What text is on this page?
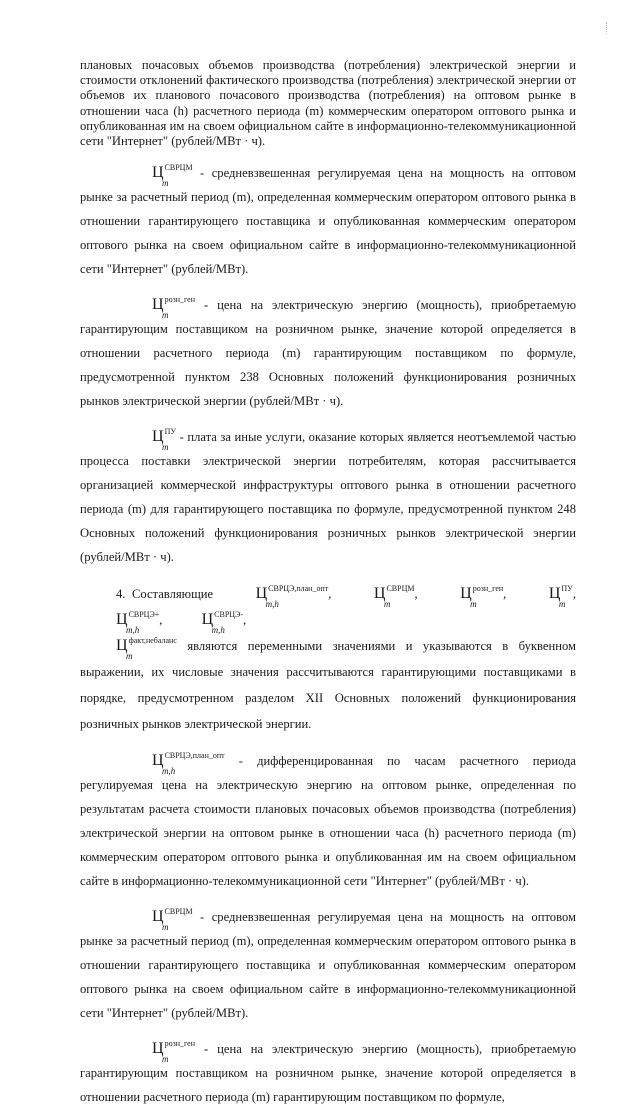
плановых почасовых объемов производства (потребления) электрической энергии и стоимости отклонений фактического производства (потребления) электрической энергии от объемов их планового почасового производства (потребления) на оптовом рынке в отношении часа (h) расчетного периода (m) коммерческим оператором оптового рынка и опубликованная им на своем официальном сайте в информационно-телекоммуникационной сети "Интернет" (рублей/МВт · ч).

$Ц^{СВРЦМ}$
m
- средневзвешенная регулируемая цена на мощность на оптовом рынке за расчетный период (m), определенная коммерческим оператором оптового рынка в отношении гарантирующего поставщика и опубликованная коммерческим оператором оптового рынка на своем официальном сайте в информационно-телекоммуникационной сети "Интернет" (рублей/МВт).

$Ц^{розн\_ген}$
m
- цена на электрическую энергию (мощность), приобретаемую гарантирующим поставщиком на розничном рынке, значение которой определяется в отношении расчетного периода (m) гарантирующим поставщиком по формуле, предусмотренной пунктом 238 Основных положений функционирования розничных рынков электрической энергии (рублей/МВт · ч).

$Ц^{ПУ}$
m
- плата за иные услуги, оказание которых является неотъемлемой частью процесса поставки электрической энергии потребителям, которая рассчитывается организацией коммерческой инфраструктуры оптового рынка в отношении расчетного периода (m) для гарантирующего поставщика по формуле, предусмотренной пунктом 248 Основных положений функционирования розничных рынков электрической энергии (рублей/МВт · ч).

4. Составляющие	$Ц^{СВРЦЭ,план\_опт}$
m,h
,	$Ц^{СВРЦМ}$
m
,	$Ц^{розн\_ген}$
m
,	$Ц^{ПУ}$
m
, $Ц^{СВРЦЭ+}$
m,h
, $Ц^{СВРЦЭ-}$
m,h
,
$Ц^{факт,небаланс}$
m
являются переменными значениями и указываются в буквенном выражении, их числовые значения рассчитываются гарантирующими поставщиками в порядке, предусмотренном разделом XII Основных положений функционирования розничных рынков электрической энергии.

$Ц^{СВРЦЭ,план\_опт}$
m,h
- дифференцированная по часам расчетного периода регулируемая цена на электрическую энергию на оптовом рынке, определенная по результатам расчета стоимости плановых почасовых объемов производства (потребления) электрической энергии на оптовом рынке в отношении часа (h) расчетного периода (m) коммерческим оператором оптового рынка и опубликованная им на своем официальном сайте в информационно-телекоммуникационной сети "Интернет" (рублей/МВт · ч).

$Ц^{СВРЦМ}$
m
- средневзвешенная регулируемая цена на мощность на оптовом рынке за расчетный период (m), определенная коммерческим оператором оптового рынка в отношении гарантирующего поставщика и опубликованная коммерческим оператором оптового рынка на своем официальном сайте в информационно-телекоммуникационной сети "Интернет" (рублей/МВт).

$Ц^{розн\_ген}$
m
- цена на электрическую энергию (мощность), приобретаемую гарантирующим поставщиком на розничном рынке, значение которой определяется в отношении расчетного периода (m) гарантирующим поставщиком по формуле,
